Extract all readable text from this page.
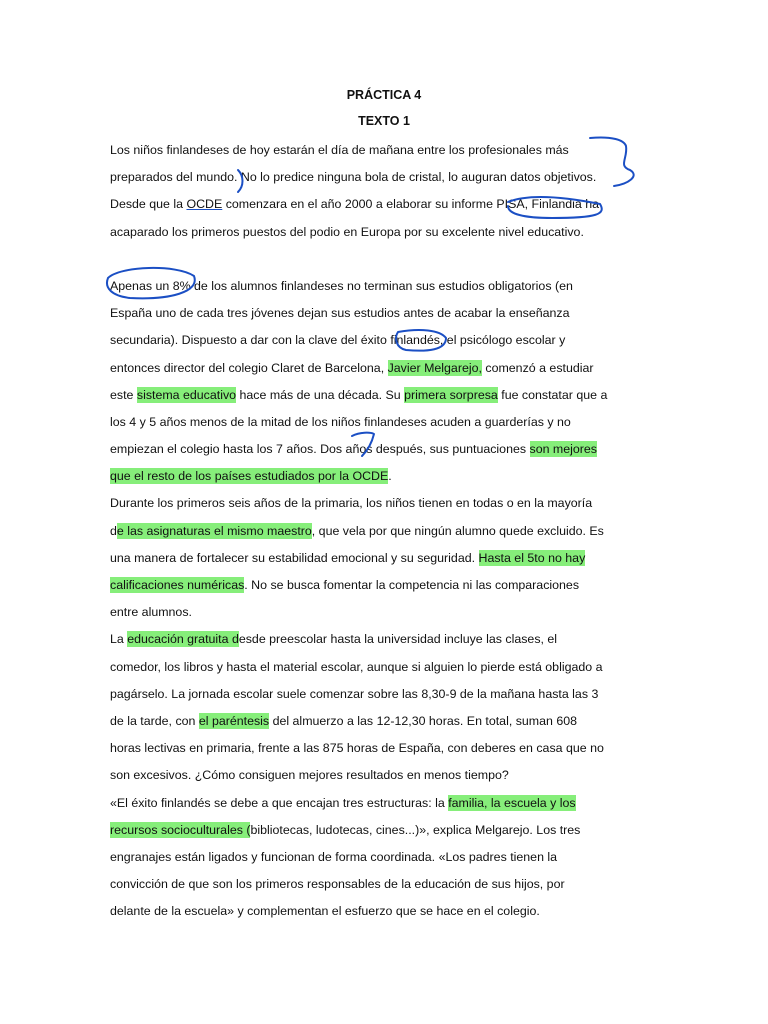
PRÁCTICA 4
TEXTO 1
Los niños finlandeses de hoy estarán el día de mañana entre los profesionales más
preparados del mundo. No lo predice ninguna bola de cristal, lo auguran datos objetivos.
Desde que la OCDE comenzara en el año 2000 a elaborar su informe PISA, Finlandia ha
acaparado los primeros puestos del podio en Europa por su excelente nivel educativo.
Apenas un 8% de los alumnos finlandeses no terminan sus estudios obligatorios (en
España uno de cada tres jóvenes dejan sus estudios antes de acabar la enseñanza
secundaria). Dispuesto a dar con la clave del éxito finlandés, el psicólogo escolar y
entonces director del colegio Claret de Barcelona, Javier Melgarejo, comenzó a estudiar
este sistema educativo hace más de una década. Su primera sorpresa fue constatar que a
los 4 y 5 años menos de la mitad de los niños finlandeses acuden a guarderías y no
empiezan el colegio hasta los 7 años. Dos años después, sus puntuaciones son mejores
que el resto de los países estudiados por la OCDE.
Durante los primeros seis años de la primaria, los niños tienen en todas o en la mayoría
de las asignaturas el mismo maestro, que vela por que ningún alumno quede excluido. Es
una manera de fortalecer su estabilidad emocional y su seguridad. Hasta el 5to no hay
calificaciones numéricas. No se busca fomentar la competencia ni las comparaciones
entre alumnos.
La educación gratuita desde preescolar hasta la universidad incluye las clases, el
comedor, los libros y hasta el material escolar, aunque si alguien lo pierde está obligado a
pagárselo. La jornada escolar suele comenzar sobre las 8,30-9 de la mañana hasta las 3
de la tarde, con el paréntesis del almuerzo a las 12-12,30 horas. En total, suman 608
horas lectivas en primaria, frente a las 875 horas de España, con deberes en casa que no
son excesivos. ¿Cómo consiguen mejores resultados en menos tiempo?
«El éxito finlandés se debe a que encajan tres estructuras: la familia, la escuela y los
recursos socioculturales (bibliotecas, ludotecas, cines...)», explica Melgarejo. Los tres
engranajes están ligados y funcionan de forma coordinada. «Los padres tienen la
convicción de que son los primeros responsables de la educación de sus hijos, por
delante de la escuela» y complementan el esfuerzo que se hace en el colegio.
